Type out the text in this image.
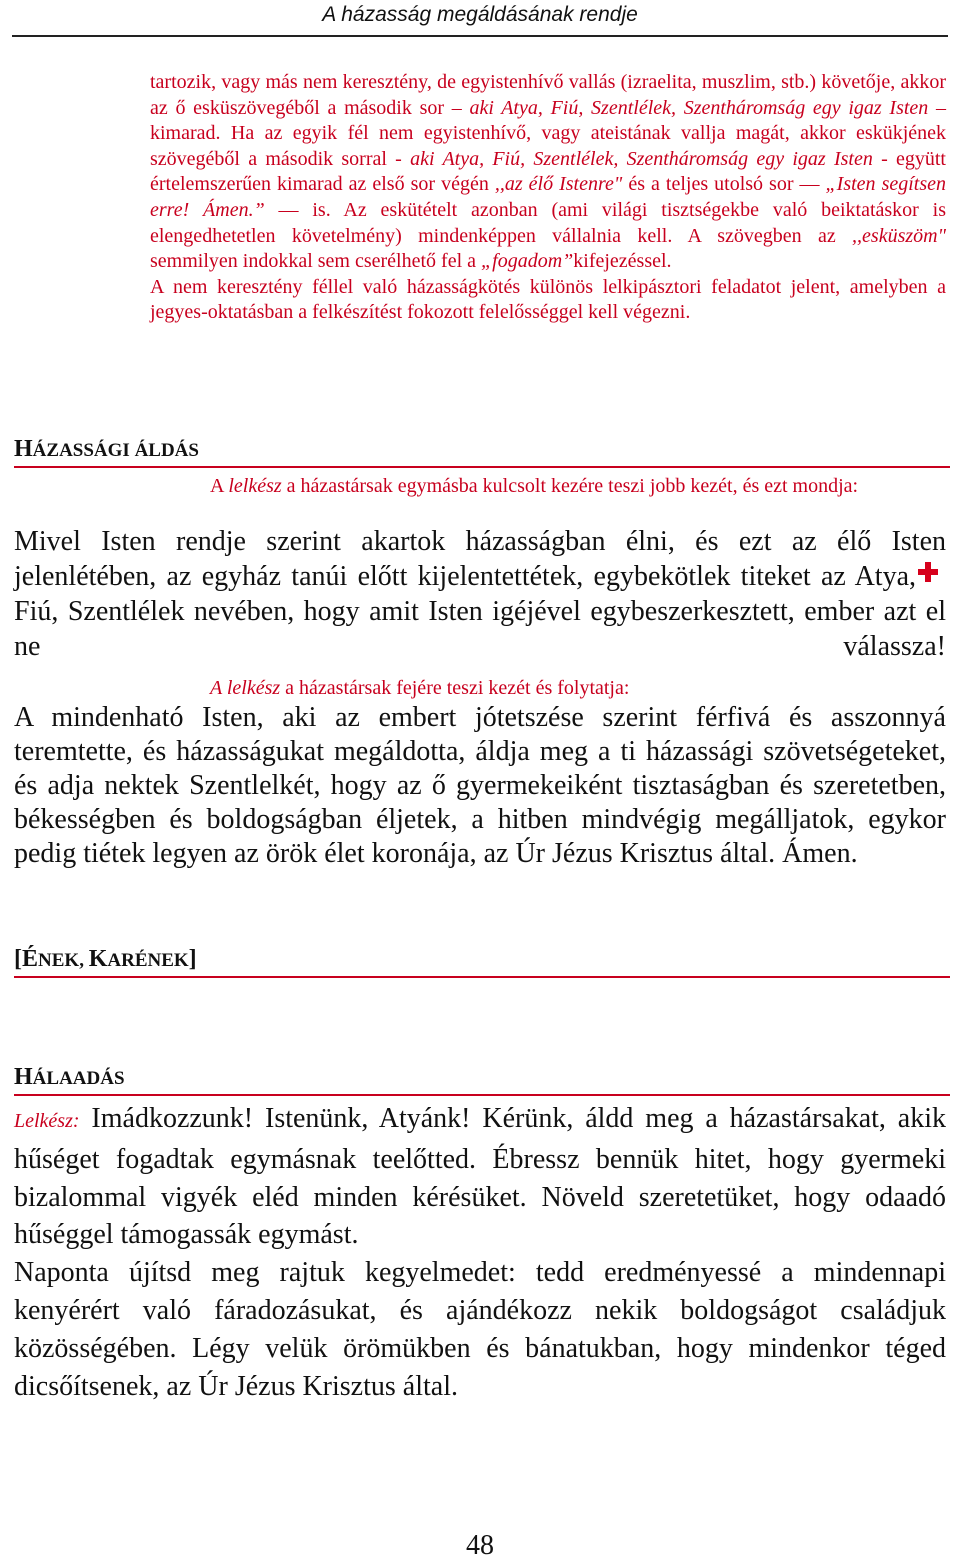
A házasság megáldásának rendje

tartozik, vagy más nem keresztény, de egyistenhívő vallás (izraelita, muszlim, stb.) követője, akkor az ő esküszövegéből a második sor – aki Atya, Fiú, Szentlélek, Szentháromság egy igaz Isten – kimarad. Ha az egyik fél nem egyistenhívő, vagy ateistának vallja magát, akkor eskükjének szövegéből a második sorral - aki Atya, Fiú, Szentlélek, Szentháromság egy igaz Isten - együtt értelemszerűen kimarad az első sor végén ,,az élő Istenre" és a teljes utolsó sor — „Isten segítsen erre! Ámen.” — is. Az eskütételt azonban (ami világi tisztségekbe való beiktatáskor is elengedhetetlen követelmény) mindenképpen vállalnia kell. A szövegben az ,,esküszöm" semmilyen indokkal sem cserélhető fel a „fogadom”kifejezéssel.

A nem keresztény féllel való házasságkötés különös lelkipásztori feladatot jelent, amelyben a jegyes-oktatásban a felkészítést fokozott felelősséggel kell végezni.

HÁZASSÁGI ÁLDÁS
A lelkész a házastársak egymásba kulcsolt kezére teszi jobb kezét, és ezt mondja:

Mivel Isten rendje szerint akartok házasságban élni, és ezt az élő Isten jelenlétében, az egyház tanúi előtt kijelentettétek, egybekötlek titeket az Atya,Fiú, Szentlélek nevében, hogy amit Isten igéjével egybeszerkesztett, ember azt el ne válassza!

A lelkész a házastársak fejére teszi kezét és folytatja:

A mindenható Isten, aki az embert jótetszése szerint férfivá és asszonnyá teremtette, és házasságukat megáldotta, áldja meg a ti házassági szövetségeteket, és adja nektek Szentlelkét, hogy az ő gyermekeiként tisztaságban és szeretetben, békességben és boldogságban éljetek, a hitben mindvégig megálljatok, egykor pedig tiétek legyen az örök élet koronája, az Úr Jézus Krisztus által. Ámen.

[ÉNEK, KARÉNEK]
HÁLAADÁS

Lelkész: Imádkozzunk! Istenünk, Atyánk! Kérünk, áldd meg a házastársakat, akik hűséget fogadtak egymásnak teelőtted. Ébressz bennük hitet, hogy gyermeki bizalommal vigyék eléd minden kérésüket. Növeld szeretetüket, hogy odaadó hűséggel támogassák egymást.

Naponta újítsd meg rajtuk kegyelmedet: tedd eredményessé a mindennapi kenyérért való fáradozásukat, és ajándékozz nekik boldogságot családjuk közösségében. Légy velük örömükben és bánatukban, hogy mindenkor téged dicsőítsenek, az Úr Jézus Krisztus által.

48
